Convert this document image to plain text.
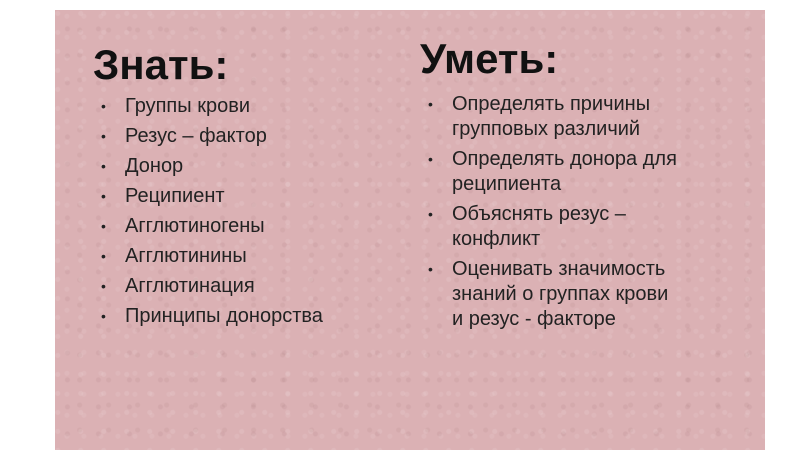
Знать:
• Группы крови
• Резус – фактор
• Донор
• Реципиент
• Агглютиногены
• Агглютинины
• Агглютинация
• Принципы донорства
Уметь:
• Определять причины
групповых различий
• Определять донора для
реципиента
• Объяснять резус –
конфликт
• Оценивать значимость
знаний о группах крови
и резус - факторе
